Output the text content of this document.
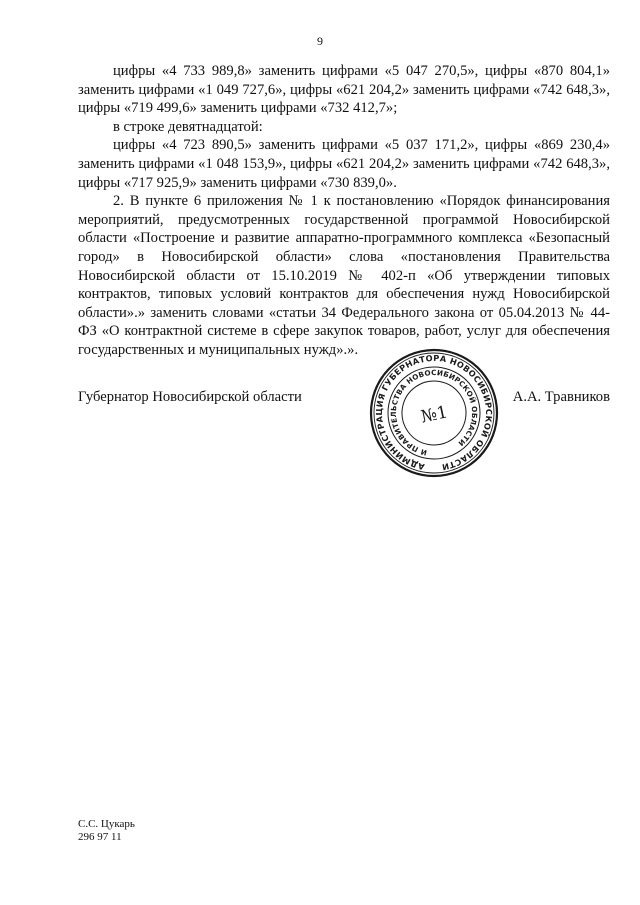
9

цифры «4 733 989,8» заменить цифрами «5 047 270,5», цифры «870 804,1» заменить цифрами «1 049 727,6», цифры «621 204,2» заменить цифрами «742 648,3», цифры «719 499,6» заменить цифрами «732 412,7»;

в строке девятнадцатой:

цифры «4 723 890,5» заменить цифрами «5 037 171,2», цифры «869 230,4» заменить цифрами «1 048 153,9», цифры «621 204,2» заменить цифрами «742 648,3», цифры «717 925,9» заменить цифрами «730 839,0».

2. В пункте 6 приложения № 1 к постановлению «Порядок финансирования мероприятий, предусмотренных государственной программой Новосибирской области «Построение и развитие аппаратно-программного комплекса «Безопасный город» в Новосибирской области» слова «постановления Правительства Новосибирской области от 15.10.2019 № 402-п «Об утверждении типовых контрактов, типовых условий контрактов для обеспечения нужд Новосибирской области».» заменить словами «статьи 34 Федерального закона от 05.04.2013 № 44-ФЗ «О контрактной системе в сфере закупок товаров, работ, услуг для обеспечения государственных и муниципальных нужд».».

Губернатор Новосибирской области
АДМИНИСТРАЦИЯ ГУБЕРНАТОРА НОВОСИБИРСКОЙ ОБЛАСТИ
И ПРАВИТЕЛЬСТВА НОВОСИБИРСКОЙ ОБЛАСТИ
№1
А.А. Травников
С.С. Цукарь
296 97 11
